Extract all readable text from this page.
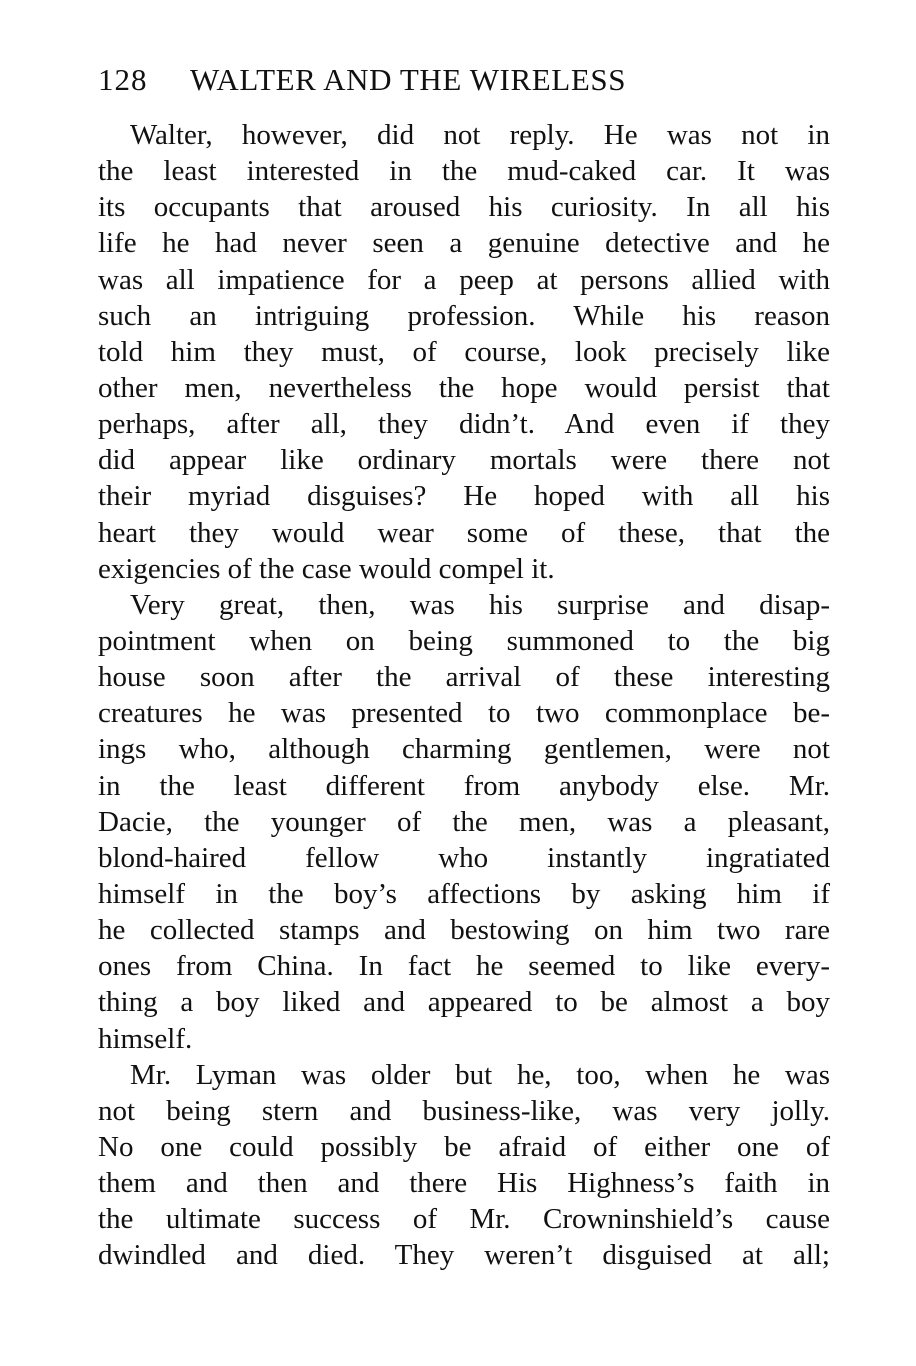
128 WALTER AND THE WIRELESS
Walter, however, did not reply. He was not in
the least interested in the mud-caked car. It was
its occupants that aroused his curiosity. In all his
life he had never seen a genuine detective and he
was all impatience for a peep at persons allied with
such an intriguing profession. While his reason
told him they must, of course, look precisely like
other men, nevertheless the hope would persist that
perhaps, after all, they didn’t. And even if they
did appear like ordinary mortals were there not
their myriad disguises? He hoped with all his
heart they would wear some of these, that the
exigencies of the case would compel it.
Very great, then, was his surprise and disap-
pointment when on being summoned to the big
house soon after the arrival of these interesting
creatures he was presented to two commonplace be-
ings who, although charming gentlemen, were not
in the least different from anybody else. Mr.
Dacie, the younger of the men, was a pleasant,
blond-haired fellow who instantly ingratiated
himself in the boy’s affections by asking him if
he collected stamps and bestowing on him two rare
ones from China. In fact he seemed to like every-
thing a boy liked and appeared to be almost a boy
himself.
Mr. Lyman was older but he, too, when he was
not being stern and business-like, was very jolly.
No one could possibly be afraid of either one of
them and then and there His Highness’s faith in
the ultimate success of Mr. Crowninshield’s cause
dwindled and died. They weren’t disguised at all;
